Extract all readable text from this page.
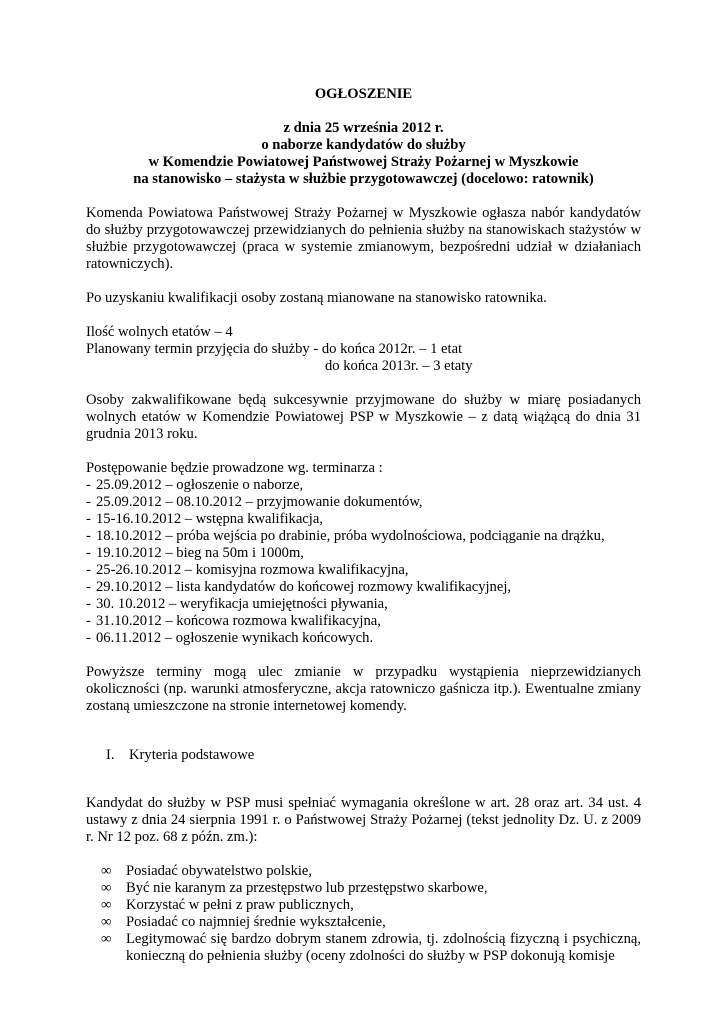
OGŁOSZENIE

z dnia 25 września 2012 r.

o naborze kandydatów do służby

w Komendzie Powiatowej Państwowej Straży Pożarnej w Myszkowie

na stanowisko – stażysta w służbie przygotowawczej (docelowo: ratownik)

Komenda Powiatowa Państwowej Straży Pożarnej w Myszkowie ogłasza nabór kandydatów do służby przygotowawczej przewidzianych do pełnienia służby na stanowiskach stażystów w służbie przygotowawczej (praca w systemie zmianowym, bezpośredni udział w działaniach ratowniczych).

Po uzyskaniu kwalifikacji osoby zostaną mianowane na stanowisko ratownika.

Ilość wolnych etatów – 4

Planowany termin przyjęcia do służby - do końca 2012r. – 1 etat

do końca 2013r. – 3 etaty

Osoby zakwalifikowane będą sukcesywnie przyjmowane do służby w miarę posiadanych wolnych etatów w Komendzie Powiatowej PSP w Myszkowie – z datą wiążącą do dnia 31 grudnia 2013 roku.

Postępowanie będzie prowadzone wg. terminarza :

- 25.09.2012 – ogłoszenie o naborze,
- 25.09.2012 – 08.10.2012 – przyjmowanie dokumentów,
- 15-16.10.2012 – wstępna kwalifikacja,
- 18.10.2012 – próba wejścia po drabinie, próba wydolnościowa, podciąganie na drążku,
- 19.10.2012 – bieg na 50m i 1000m,
- 25-26.10.2012 – komisyjna rozmowa kwalifikacyjna,
- 29.10.2012 – lista kandydatów do końcowej rozmowy kwalifikacyjnej,
- 30. 10.2012 – weryfikacja umiejętności pływania,
- 31.10.2012 – końcowa rozmowa kwalifikacyjna,
- 06.11.2012 – ogłoszenie wynikach końcowych.

Powyższe terminy mogą ulec zmianie w przypadku wystąpienia nieprzewidzianych okoliczności (np. warunki atmosferyczne, akcja ratowniczo gaśnicza itp.). Ewentualne zmiany zostaną umieszczone na stronie internetowej komendy.

I. Kryteria podstawowe

Kandydat do służby w PSP musi spełniać wymagania określone w art. 28 oraz art. 34 ust. 4 ustawy z dnia 24 sierpnia 1991 r. o Państwowej Straży Pożarnej (tekst jednolity Dz. U. z 2009 r. Nr 12 poz. 68 z późn. zm.):

∞ Posiadać obywatelstwo polskie,
∞ Być nie karanym za przestępstwo lub przestępstwo skarbowe,
∞ Korzystać w pełni z praw publicznych,
∞ Posiadać co najmniej średnie wykształcenie,
∞ Legitymować się bardzo dobrym stanem zdrowia, tj. zdolnością fizyczną i psychiczną, konieczną do pełnienia służby (oceny zdolności do służby w PSP dokonują komisje
